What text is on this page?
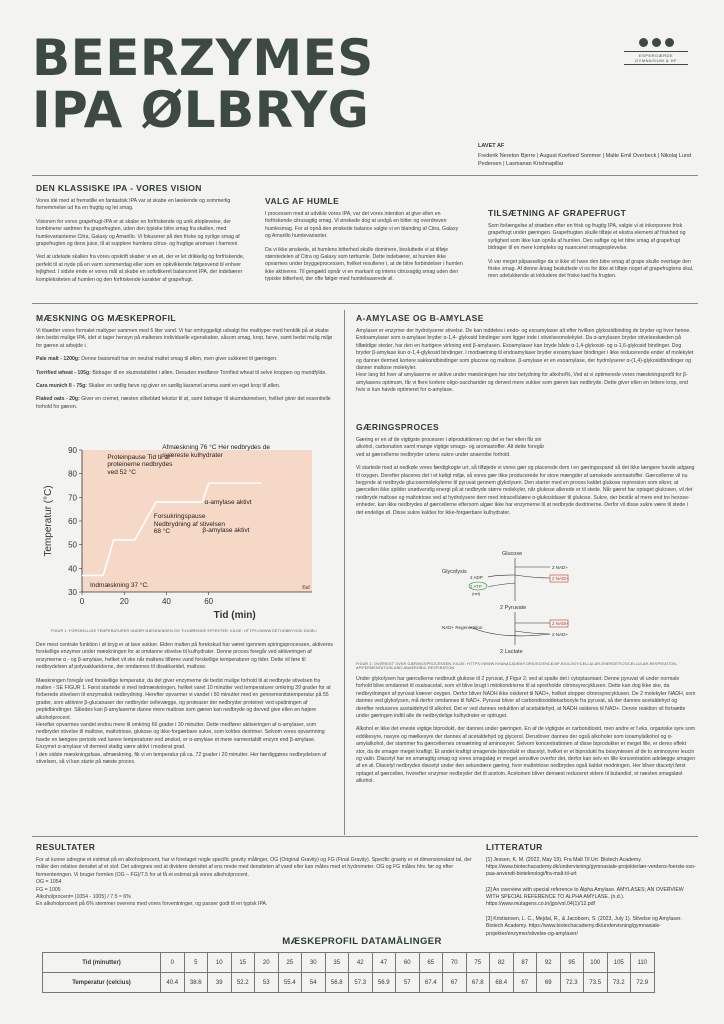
BEERZYMES
IPA ØLBRYG
ESPERGÆRDE GYMNASIUM & HF
LAVET AF
Frederik Nereton Bjerre | August Koefoed Sommer | Malte Emil Overbeck | Nikolaj Lund Pedersen | Lasmanan Krishnapillai
DEN KLASSISKE IPA - VORES VISION

Vores idé med at fremstille en fantastisk IPA var at skabe en læskende og sommerlig fornemmelse ud fra en frugtig og let smag.

Visionen for vores grapefrugt-IPA er at skabe en forfriskende og unik ølopleveise, der kombinerer sødmen fra grapefrugten, uden den typiske bitre smag fra skallen, med humlevarianterne Citra, Galaxy og Amarillo. Vi fokuserer på den friske og syrlige smag af grapefrugten og dens juice, til at supplere humlens citrus- og frugtige aromaer i harmoni.

Ved at udelade skallen fra vores opskrift skaber vi en øl, der er let drikkelig og forfriskende, perfekt til at nyde på en varm sommerdag eller som en opkvikkende følgesvend til enhver lejlighed. I sidste ende er vores mål at skabe en sofistikeret balanceret IPA, der indebærer kompleksiteten af humlen og den forfriskende karakter af grapefrugt.

VALG AF HUMLE

I processen med at udvikle vores IPA, var det vores intention at give ellen en forfriskende citrusagtig smag. Vi ønskede dog at undgå en bitter og overdreven humlesmag. For at opnå den ønskede balance valgte vi en blanding af Citra, Galaxy og Amarillo humlevarianter.

Da vi ikke ønskede, at humlens bitterhed skulle dominere, besluttede vi at tilføje størstedelen af Citra og Galaxy som tørhumle. Dette indebærer, at humlen ikke opvarmes under bryggeprocessen, hvilket resulterer i, at de bitre forbindelser i humlen ikke aktiveres. Til gengæld opnår vi en markant og intens citrusagtig smag uden den typiske bitterhed, der ofte følger med humlebaserede øl.

TILSÆTNING AF GRAPEFRUGT

Som forlængelse af stræben efter en frisk og frugtig IPA, valgte vi at inkorporere frisk grapefrugt under gæringen. Grapefrugten skulle tilføje et ekstra element af friskhed og syrlighed som ikke kan opnås af humlen. Den saftige og let bitre smag af grapefrugt bidrager til en mere kompleks og nuanceret smagsoplevelse.

Vi var meget påpasselige da vi ikke vil have den bitre smag af grape skulle overtage den friske smag. Af denne årsag besluttede vi os for ikke at tilføje noget af grapefrugtens skal, men udelukkende at inkludere det friske kød fra frugten.

MÆSKNING OG MÆSKEPROFIL

Vi tilsætter vores formalet maltyper sammen med 6 liter vand. Vi har omhyggeligt udvalgt fire malttyper med henblik på at skabe den bedst mulige IPA, idet vi tager hensyn på maltenes individuelle egenskaber, såsom smag, krop, farve, samt bedst mulig miljø for gæren at arbejde i.

Pale malt - 1200g: Denne basismalt har en neutral maltet smag til øllen, men giver sukkeret til gæringen.

Torrified wheat - 105g: Bidrager til en skumstabilitet i øllen. Desuden medfører Torrified wheat til selve kroppen og mundfylde.

Cara munich II - 75g: Skaber en rødlig farve og giver en sødlig karamel aroma samt en eget krop til øllen.

Flaked oats - 20g: Giver en cremet, næsten silkeblød tekstur til øl, samt bidrager til skumdannelsen, hvilket giver det essentielle forhold for gæren.

30
40
50
60
70
80
90
0	20	40	60
Tid (min)
Temperatur (°C)
Proteinpause Tid til at proteinerne nedbrydes ved 52 °C
Afmæskning 76 °C Her nedbrydes de sværeste kulhydrater
α-amylase aktivt
Forsukringspause Nedbrydning af stivelsen 68 °C	β-amylase aktivt
Indmæskning 37 °C.	©ul
FIGUR 1: FORSKELLIGE TEMPERATURER UNDER MÆSKNINGEN OG TILHØRENDE EFFEKTER. KILDE: HTTPS://WWW.DETHOBBYVIDE.DK/ØL/

Den mest centrale funktion i øl bryg er at lave sukker. Elden malten på forekskud har været igennem spiringsprocessen, aktiveres forskellige enzymer under mæskningen for at omdanne stivelse til kulhydrater. Denne proces foregår ved aktiveringen af enzymerne α - og β-amylase, hvilket vil ske når maltens tilføres vand forskellige temperaturer og tider. Dette vil føre til nedbrydelsen af polysakkariderne, der omdannes til disakkaridet, maltose.

Mæskningen foregår ved forskellige temperatur, da det giver enzymerne de bedst mulige forhold til at nedbryde stivelsen fra malten - SE FIGUR 1. Først startede vi med indmæskningen, hvilket varet 10 minutter ved temperaturer omkring 39 grader for at forberede stivelsen til enzymatisk nedbrydning. Herefter opvarmer vi vandet i 50 minutter med en gennemsnitstemperatur på 55 grader, som aktivere β-glucanaser der nedbryder cellevægge, og proteaser der nedbryder proteiner ved spaltningen af peptidbindinger. Således kan β-amylaserne danne mere maltose som gæren kan nedbryde og derved give ellen en højere alkoholprocent.
Herefter opvarmes vandet endnu mere til omkring 66 grader i 30 minutter. Dette medfører aktiveringen af α-amylaser, som nedbryder stivelse til maltose, maltotriose, glukose og ikke-forgærbare sukre, som koldes dextriner. Selvom vores opvarmning havde en længere periode ved lavere temperaturer end ønsket, er α-amylase et mere varmestabilt enzym end β-amylase. Enzymet α-amylase vil dermed stadig være aktivt i moderat grad.
I den sidste mæskningsfase, afmæskning, fik vi en temperatur på ca. 72 grader i 20 minutter. Her færdiggøres nedbrydelsen af stivelsen, så vi kan starte på næste proces.

Α-AMYLASE OG Β-AMYLASE

Amylaser er enzymer der hydrolyserer stivelse. De kan inddeles i endo- og exoamylaser alt efter hvilken glykosidbinding de bryder og hvor henne. Endoamylaser som α-amylase bryder α-1,4- glykosid bindinger som ligger inde i stivelsesmolekylet. Da α-amylasen bryder stivelseskæden på tilfældige steder, har den en hurtigere virkning end β-amylasen. Exoamylaser kan bryde både α-1,4-glykosid- og α-1,6-glykosid bindinger. Dog bryder β-amylase kun α-1,4-glykosid bindinger. I modsætning til endoamylaser bryder exoamylaser bindinger i ikke reducerende ender af molekylet og danner dermed kortere sakkaridbindinger som glucose og maltose. β-amylase er en exoamylase, der hydrolyserer α-(1,4)-glykosidbindinger og danner maltose molekyler.
Hvor lang tid hver af amylaserne er aktive under mæskningen har stor betydning for alkohol%, Ved at vi optimerede vores mæskningsprofil for β-amylasens optimum, får vi flere kortere oligo-saccharider og derved mere sukker som gæren kan nedbryde. Dette giver ellen en lettere krop, end hvis vi kun havde optimeret for α-amylase.

GÆRINGSPROCES

Gæring er en af de vigtigste processer i ølproduktionen og det er her ellen får sin alkohol, carbonation samt mange vigtige smags- og aromastoffer. Alt dette foregår ved at gærcellerne nedbryder urtens sukre under anaerobe forhold.

Vi startede med at nedkøle vores færdigkogte urt, så tilføjede vi vores gær og placerede dem i en gæringsspand så det ikke længere havde adgang til oxygen. Derefter placeres det i et køligt miljø, så vores gær ikke producerede for store mængder af uønskede aromastoffer. Gærcellerne vil nu begynde at nedbryde glucosemolekylerne til pyruvat gennem glykolysen. Den starter med en proces kaldet glukose repression som sikrer, at gærcellen ikke spilder unødvendig energi på at nedbryde større molekyler, når glukose allerede er til stede. Når gæret har optaget glukosen, vil det nedbryde maltose og maltotriose ved at hydrolysere dem med intracellulære α-glukosidaser til glukose. Sukre, der består af mere end tre hexose-enheder, kan ikke nedbrydes af gærcellerne eftersom algær ikke har enzymerne til at nedbryde dextrinerne. Derfor vil disse sukre være til stede i det endelige øl. Disse sukre kaldes for ikke-forgærbare kulhydrater.

Glucose
Glycolysis
2 ADP
2 ATP
(net)
2 NAD+
2 NADH
2 Pyruvate
NAD+ Regeneration
2 NADH
2 NAD+
2 Lactate
FIGUR 2: OVERSIGT OVER GÆRINGSPROCESSEN. KILDE: HTTPS://WWW.KHANACADEMY.ORG/SCIENCE/AP-BIOLOGY/CELLULAR-ENERGETICS/CELLULAR-RESPIRATION-AP/FERMENTATION-AND-ANAEROBIC-RESPIRATION

Under glykolysen har gærcellerne nedbrudt glukose til 2 pyruvat, jf Figur 2, ved at spalte det i cytoplasmaet. Denne pyruvat vil under normale forhold blive omdannet til oxaloacetat, som vil blive brugt i mitokondrierne til at opretholde citronsyrecyklusen. Dette kan dog ikke ske, da nedbrydningen af pyruvat kræver oxygen. Derfor bliver NADH ikke oxideret til NAD+, hvilket stopper citronsyrecyklusen. De 2 molekyler NADH, som dannes ved glykolysen, må derfor omdannes til NAD+. Pyruvat bliver af carbondioxiddekarboxyle fra pyruvat, så der dannes acetaldehyd og derefter reduceres acetaldehyd til alkohol. Det er ved dannes reduktion af acetaldehyd, at NADH oxideres til NAD+. Denne reaktion vil fortsætte under gæringen indtil alle de nedbrydelige kulhydrater er optruget.

Alkohol er ikke det eneste vigtige biprodukt, der dannes under gæringen. En af de vigtigste er carbondioxid, men andre er f.eks. organiske syre som eddikesyre, navyre og mælkesyre der dannes af acetaldehyd og glycerol. Derudover dannes der også alkoholer som isoamylalkohol og α-amylalkohol, der stammer fra gærcellernes omsætning af aminosyrer. Selvom koncentrationen af disse biprodukter er meget lille, er deres effekt stor, da de smager meget kraftigt. Et andet kraftigt smagende biprodukt er diacetyl, hvilket er et biprodukt fra biosyntesen af de to aminosyrer leucin og valin. Diacetyl har en smøragtig smag og vores smagsløg er meget sensitive overfor det, derfor kan selv en lille koncentration adelægge smagen af en øl. Diacetyl nedbrydes diacetyl under den sekundære gæring, hvor maltotriose nedbrydes også kaldet modningen. Her bliver diacetyl først optaget af gærcellen, hvorefter enzymer nedbryder det til acetoin. Acetoinen bliver dernæst reduceret videre til butandiol, et næsten smagsløst alkohol.

RESULTATER

For at kunne udregne et estimat på en alkoholprocent, har vi foretaget nogle specific gravity målinger, OG (Original Gravity) og FG (Final Gravity). Specific gravity er et dimensionsløst tal, der måler den relative densitet af et stof. Det udregnes ved at dividere densitet af ens mede med densiteten af vand eller kan måles med et hydrometer. OG og FG måles hhv. før og efter fermenteringen. Vi bruger formlen (OG – FG)/7.5 for at få et estimat på vores alkoholprocent.

OG = 1054

FG = 1005

Alkoholprocent= (1054 - 1005) / 7.5 ≈ 6%

En alkoholprocent på 6% stemmer overens med vores forventninger, og passer godt til en typisk IPA.

LITTERATUR
[1] Jessen, K. M. (2022, May 19). Fra Malt Til Urt. Biotech Academy. https://www.biotechacademy.dk/undervisning/gymnasiale-projekter/ær-verdens-foerste-svo-paa-anvendt-bioteknologi/fra-malt-til-urt
[2] An overview with special reference to Alpha Amylase. AMYLASES; AN OVERVIEW WITH SPECIAL REFERENCE TO ALPHA AMYLASE. (n.d.). https://www.mutagens.co.in/jgo/vol.04(1)/12.pdf
[3] Kristiansen, L. C., Mejdal, R., & Jacobsen, S. (2023, July 1). Stivelse og Amylaser. Biotech Academy. https://www.biotechacademy.dk/undervisning/gymnasiale-projekter/enzymer/stivelse-og-amylaser/
MÆSKEPROFIL DATAMÅLINGER
Tid (minutter)	0	5	10	15	20	25	30	35	42	47	60	65	70	75	82	87	92	95	100	105	110
Temperatur (celcius)	40.4	38.6	39	52.2	53	55.4	54	56.8	57.3	56.9	57	67.4	67	67.8	68.4	67	69	72.3	73.5	73.2	72.9
